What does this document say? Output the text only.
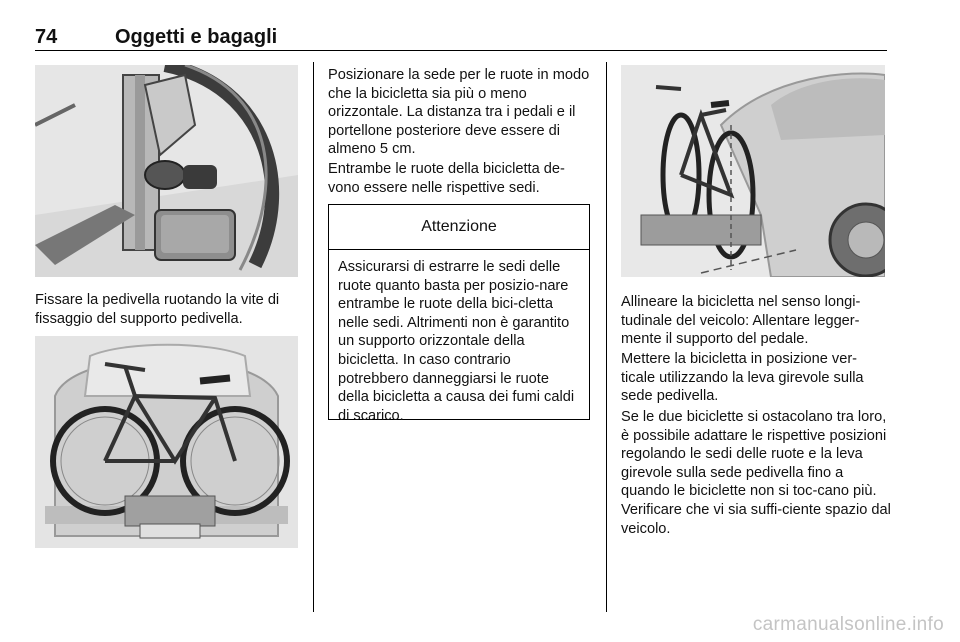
74	Oggetti e bagagli

Fissare la pedivella ruotando la vite di fissaggio del supporto pedivella.

Posizionare la sede per le ruote in modo che la bicicletta sia più o meno orizzontale. La distanza tra i pedali e il portellone posteriore deve essere di almeno 5 cm.

Entrambe le ruote della bicicletta de-vono essere nelle rispettive sedi.

Attenzione

Assicurarsi di estrarre le sedi delle ruote quanto basta per posizio-nare entrambe le ruote della bici-cletta nelle sedi. Altrimenti non è garantito un supporto orizzontale della bicicletta. In caso contrario potrebbero danneggiarsi le ruote della bicicletta a causa dei fumi caldi di scarico.

Allineare la bicicletta nel senso longi-tudinale del veicolo: Allentare legger-mente il supporto del pedale.

Mettere la bicicletta in posizione ver-ticale utilizzando la leva girevole sulla sede pedivella.

Se le due biciclette si ostacolano tra loro, è possibile adattare le rispettive posizioni regolando le sedi delle ruote e la leva girevole sulla sede pedivella fino a quando le biciclette non si toc-cano più. Verificare che vi sia suffi-ciente spazio dal veicolo.

carmanualsonline.info
